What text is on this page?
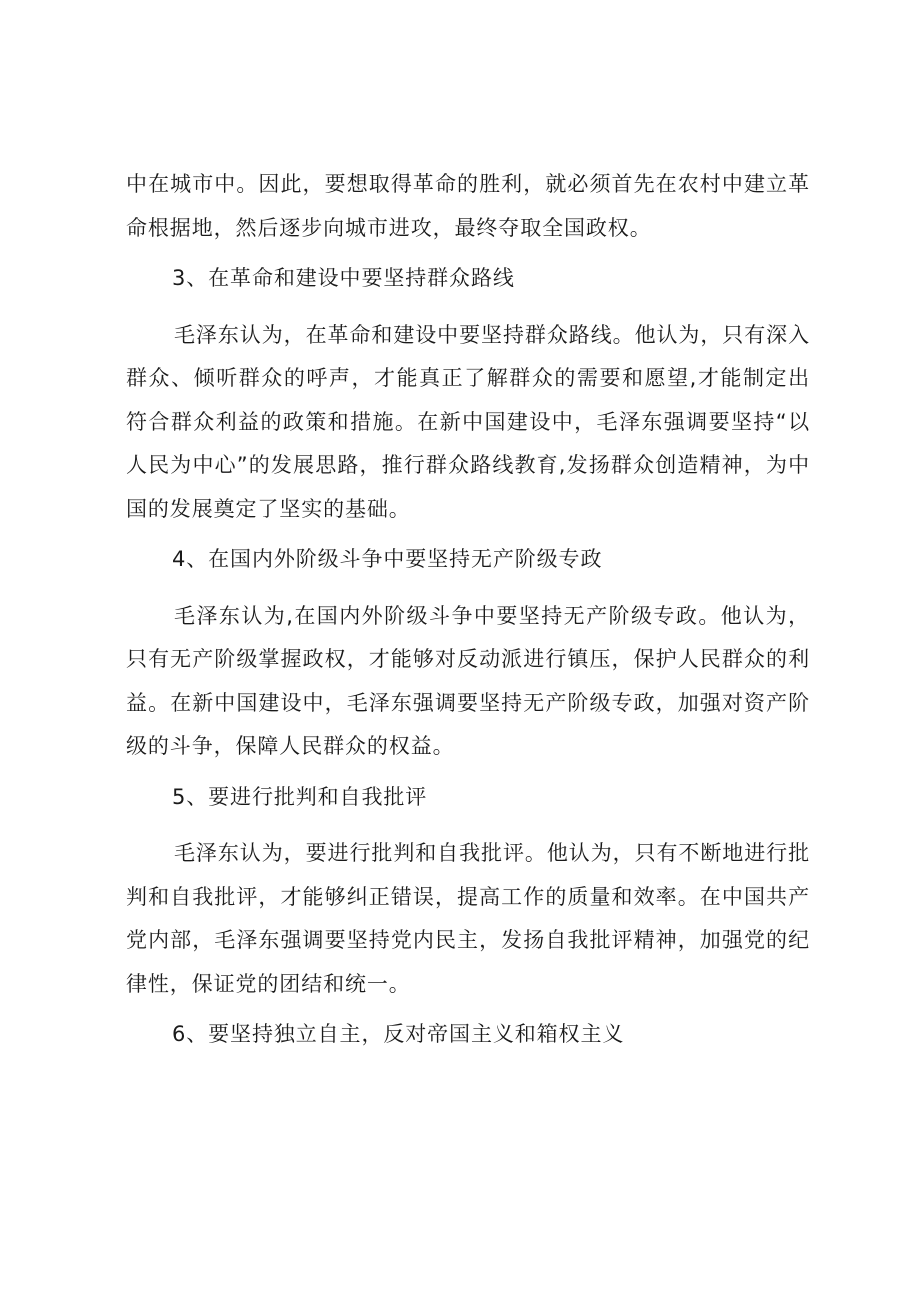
中在城市中。因此，要想取得革命的胜利，就必须首先在农村中建立革命根据地，然后逐步向城市进攻，最终夺取全国政权。

3、在革命和建设中要坚持群众路线

毛泽东认为，在革命和建设中要坚持群众路线。他认为，只有深入群众、倾听群众的呼声，才能真正了解群众的需要和愿望,才能制定出符合群众利益的政策和措施。在新中国建设中，毛泽东强调要坚持“以人民为中心”的发展思路，推行群众路线教育,发扬群众创造精神，为中国的发展奠定了坚实的基础。

4、在国内外阶级斗争中要坚持无产阶级专政

毛泽东认为,在国内外阶级斗争中要坚持无产阶级专政。他认为，只有无产阶级掌握政权，才能够对反动派进行镇压，保护人民群众的利益。在新中国建设中，毛泽东强调要坚持无产阶级专政，加强对资产阶级的斗争，保障人民群众的权益。

5、要进行批判和自我批评

毛泽东认为，要进行批判和自我批评。他认为，只有不断地进行批判和自我批评，才能够纠正错误，提高工作的质量和效率。在中国共产党内部，毛泽东强调要坚持党内民主，发扬自我批评精神，加强党的纪律性，保证党的团结和统一。

6、要坚持独立自主，反对帝国主义和箱权主义
